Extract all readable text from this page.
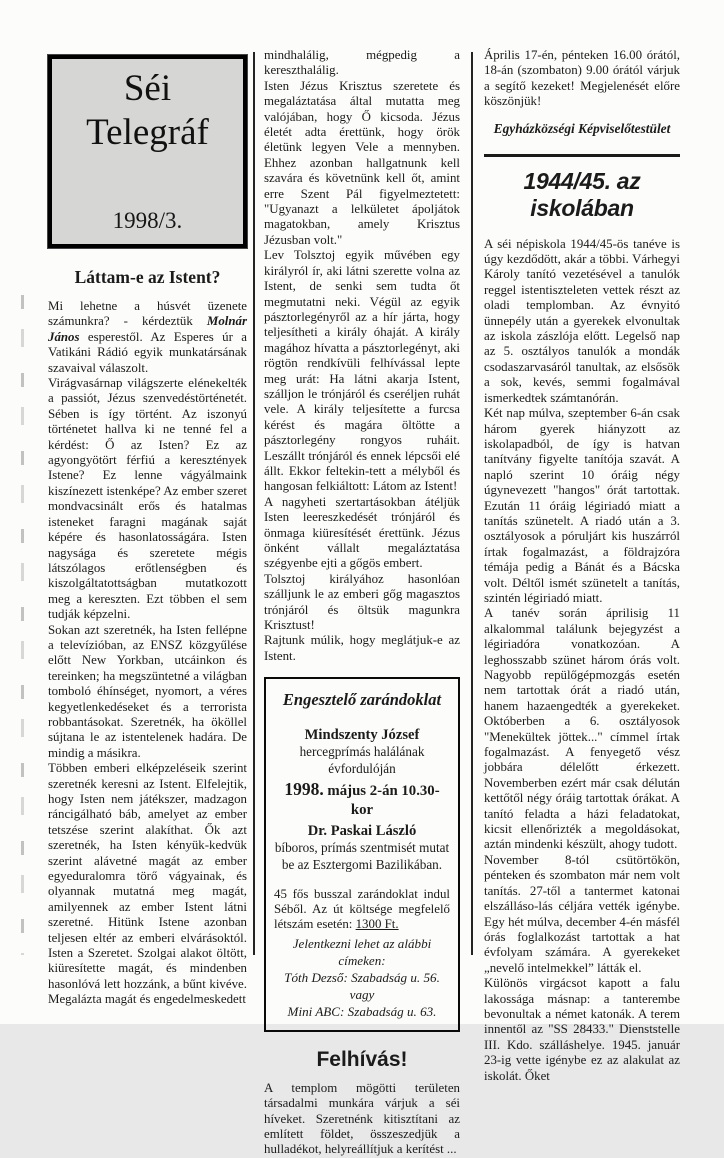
Séi
Telegráf
1998/3.
Láttam-e az Istent?

Mi lehetne a húsvét üzenete számunkra? - kérdeztük Molnár János esperestől. Az Esperes úr a Vatikáni Rádió egyik munkatársának szavaival válaszolt.

Virágvasárnap világszerte elénekelték a passiót, Jézus szenvedéstörténetét. Sében is így történt. Az iszonyú történetet hallva ki ne tenné fel a kérdést: Ő az Isten? Ez az agyongyötört férfiú a keresztények Istene? Ez lenne vágyálmaink kiszínezett istenképe? Az ember szeret mondvacsinált erős és hatalmas isteneket faragni magának saját képére és hasonlatosságára. Isten nagysága és szeretete mégis látszólagos erőtlenségben és kiszolgáltatottságban mutatkozott meg a kereszten. Ezt többen el sem tudják képzelni.

Sokan azt szeretnék, ha Isten fellépne a televízióban, az ENSZ közgyűlése előtt New Yorkban, utcáinkon és tereinken; ha megszüntetné a világban tomboló éhínséget, nyomort, a véres kegyetlenkedéseket és a terrorista robbantásokat. Szeretnék, ha ököllel sújtana le az istentelenek hadára. De mindig a másikra.

Többen emberi elképzeléseik szerint szeretnék keresni az Istent. Elfelejtik, hogy Isten nem játékszer, madzagon ráncigálható báb, amelyet az ember tetszése szerint alakíthat. Ők azt szeretnék, ha Isten kényük-kedvük szerint alávetné magát az ember egyeduralomra törő vágyainak, és olyannak mutatná meg magát, amilyennek az ember Istent látni szeretné. Hitünk Istene azonban teljesen eltér az emberi elvárásoktól. Isten a Szeretet. Szolgai alakot öltött, kiüresítette magát, és mindenben hasonlóvá lett hozzánk, a bűnt kivéve. Megalázta magát és engedelmeskedett

mindhalálig, mégpedig a kereszthalálig.

Isten Jézus Krisztus szeretete és megaláztatása által mutatta meg valójában, hogy Ő kicsoda. Jézus életét adta érettünk, hogy örök életünk legyen Vele a mennyben. Ehhez azonban hallgatnunk kell szavára és követnünk kell őt, amint erre Szent Pál figyelmeztetett: "Ugyanazt a lelkületet ápoljátok magatokban, amely Krisztus Jézusban volt."

Lev Tolsztoj egyik művében egy királyról ír, aki látni szerette volna az Istent, de senki sem tudta őt megmutatni neki. Végül az egyik pásztorlegényről az a hír járta, hogy teljesítheti a király óhaját. A király magához hívatta a pásztorlegényt, aki rögtön rendkívüli felhívással lepte meg urát: Ha látni akarja Istent, szálljon le trónjáról és cseréljen ruhát vele. A király teljesítette a furcsa kérést és magára öltötte a pásztorlegény rongyos ruháit. Leszállt trónjáról és ennek lépcsői elé állt. Ekkor feltekin-tett a mélyből és hangosan felkiáltott: Látom az Istent!

A nagyheti szertartásokban átéljük Isten leereszkedését trónjáról és önmaga kiüresítését érettünk. Jézus önként vállalt megaláztatása szégyenbe ejti a gőgös embert.

Tolsztoj királyához hasonlóan szálljunk le az emberi gőg magasztos trónjáról és öltsük magunkra Krisztust!

Rajtunk múlik, hogy meglátjuk-e az Istent.

Engesztelő zarándoklat

Mindszenty József

hercegprímás halálának évfordulóján

1998. május 2-án 10.30-kor

Dr. Paskai László

bíboros, prímás szentmisét mutat be az Esztergomi Bazilikában.

45 fős busszal zarándoklat indul Séből. Az út költsége megfelelő létszám esetén: 1300 Ft.

Jelentkezni lehet az alábbi címeken:

Tóth Dezső: Szabadság u. 56. vagy

Mini ABC: Szabadság u. 63.

Felhívás!

A templom mögötti területen társadalmi munkára várjuk a séi híveket. Szeretnénk kitisztítani az említett földet, összeszedjük a hulladékot, helyreállítjuk a kerítést ...

Április 17-én, pénteken 16.00 órától, 18-án (szombaton) 9.00 órától várjuk a segítő kezeket! Megjelenését előre köszönjük!

Egyházközségi Képviselőtestület

1944/45. az iskolában

A séi népiskola 1944/45-ös tanéve is úgy kezdődött, akár a többi. Várhegyi Károly tanító vezetésével a tanulók reggel istentiszteleten vettek részt az oladi templomban. Az évnyitó ünnepély után a gyerekek elvonultak az iskola zászlója előtt. Legelső nap az 5. osztályos tanulók a mondák csodaszarvasáról tanultak, az elsősök a sok, kevés, semmi fogalmával ismerkedtek számtanórán.

Két nap múlva, szeptember 6-án csak három gyerek hiányzott az iskolapadból, de így is hatvan tanítvány figyelte tanítója szavát. A napló szerint 10 óráig négy úgynevezett "hangos" órát tartottak. Ezután 11 óráig légiriadó miatt a tanítás szünetelt. A riadó után a 3. osztályosok a póruljárt kis huszárról írtak fogalmazást, a földrajzóra témája pedig a Bánát és a Bácska volt. Déltől ismét szünetelt a tanítás, szintén légiriadó miatt.

A tanév során áprilisig 11 alkalommal találunk bejegyzést a légiriadóra vonatkozóan. A leghosszabb szünet három órás volt. Nagyobb repülőgépmozgás esetén nem tartottak órát a riadó után, hanem hazaengedték a gyerekeket. Októberben a 6. osztályosok "Menekültek jöttek..." címmel írtak fogalmazást. A fenyegető vész jobbára délelőtt érkezett. Novemberben ezért már csak délután kettőtől négy óráig tartottak órákat. A tanító feladta a házi feladatokat, kicsit ellenőrizték a megoldásokat, aztán mindenki készült, ahogy tudott.

November 8-tól csütörtökön, pénteken és szombaton már nem volt tanítás. 27-től a tantermet katonai elszálláso-lás céljára vették igénybe. Egy hét múlva, december 4-én másfél órás foglalkozást tartottak a hat évfolyam számára. A gyerekeket „nevelő intelmekkel” látták el.

Különös virgácsot kapott a falu lakossága másnap: a tanterembe bevonultak a német katonák. A terem innentől az "SS 28433." Dienststelle III. Kdo. szálláshelye. 1945. január 23-ig vette igénybe ez az alakulat az iskolát. Őket
